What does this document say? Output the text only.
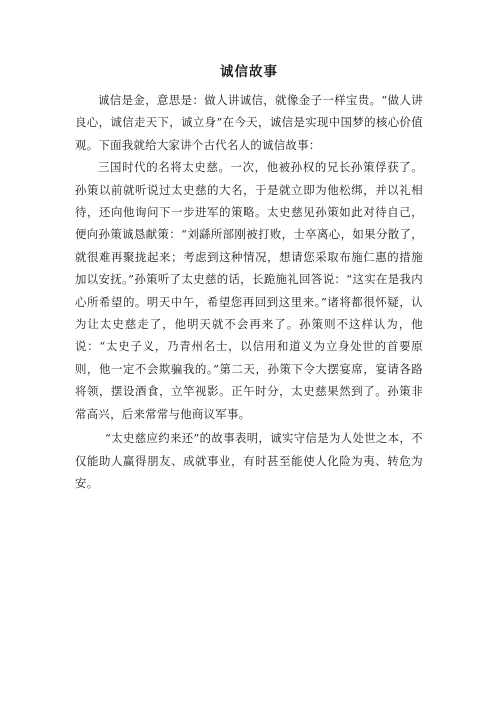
诚信故事

诚信是金，意思是：做人讲诚信，就像金子一样宝贵。“做人讲良心，诚信走天下，诚立身”在今天，诚信是实现中国梦的核心价值观。下面我就给大家讲个古代名人的诚信故事：

三国时代的名将太史慈。一次，他被孙权的兄长孙策俘获了。孙策以前就听说过太史慈的大名，于是就立即为他松绑，并以礼相待，还向他询问下一步进军的策略。太史慈见孙策如此对待自己，便向孙策诚恳献策：“刘繇所部刚被打败，士卒离心，如果分散了，就很难再聚拢起来；考虑到这种情况，想请您采取布施仁惠的措施加以安抚。”孙策听了太史慈的话，长跪施礼回答说：“这实在是我内心所希望的。明天中午，希望您再回到这里来。”诸将都很怀疑，认为让太史慈走了，他明天就不会再来了。孙策则不这样认为，他说：“太史子义，乃青州名士，以信用和道义为立身处世的首要原则，他一定不会欺骗我的。”第二天，孙策下令大摆宴席，宴请各路将领，摆设酒食，立竿视影。正午时分，太史慈果然到了。孙策非常高兴，后来常常与他商议军事。

“太史慈应约来还”的故事表明，诚实守信是为人处世之本，不仅能助人赢得朋友、成就事业，有时甚至能使人化险为夷、转危为安。
